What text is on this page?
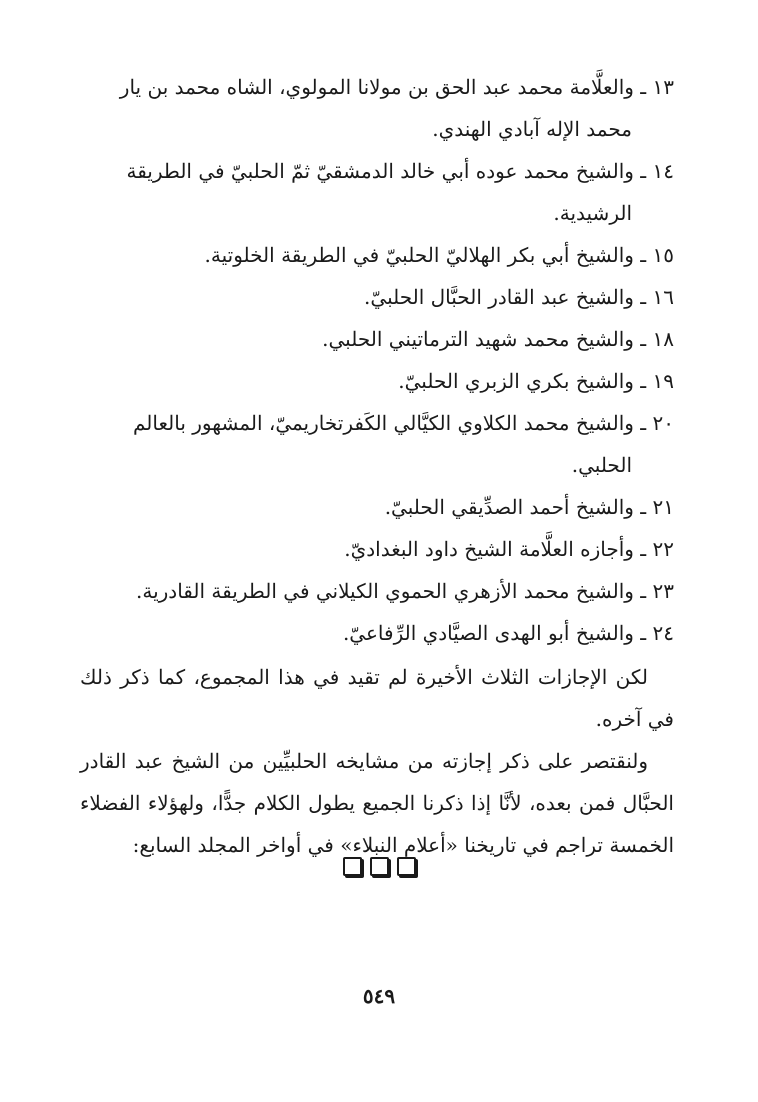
١٣ ـ والعلَّامة محمد عبد الحق بن مولانا المولوي، الشاه محمد بن يار محمد الإله آبادي الهندي.

١٤ ـ والشيخ محمد عوده أبي خالد الدمشقيّ ثمّ الحلبيّ في الطريقة الرشيدية.

١٥ ـ والشيخ أبي بكر الهلاليّ الحلبيّ في الطريقة الخلوتية.

١٦ ـ والشيخ عبد القادر الحبَّال الحلبيّ.

١٨ ـ والشيخ محمد شهيد الترماتيني الحلبي.

١٩ ـ والشيخ بكري الزبري الحلبيّ.

٢٠ ـ والشيخ محمد الكلاوي الكيَّالي الكَفرتخاريميّ، المشهور بالعالم الحلبي.

٢١ ـ والشيخ أحمد الصدِّيقي الحلبيّ.

٢٢ ـ وأجازه العلَّامة الشيخ داود البغداديّ.

٢٣ ـ والشيخ محمد الأزهري الحموي الكيلاني في الطريقة القادرية.

٢٤ ـ والشيخ أبو الهدى الصيَّادي الرِّفاعيّ.

لكن الإجازات الثلاث الأخيرة لم تقيد في هذا المجموع، كما ذكر ذلك في آخره.

ولنقتصر على ذكر إجازته من مشايخه الحلبيِّين من الشيخ عبد القادر الحبَّال فمن بعده، لأنَّا إذا ذكرنا الجميع يطول الكلام جدًّا، ولهؤلاء الفضلاء الخمسة تراجم في تاريخنا «أعلام النبلاء» في أواخر المجلد السابع:

٥٤٩
